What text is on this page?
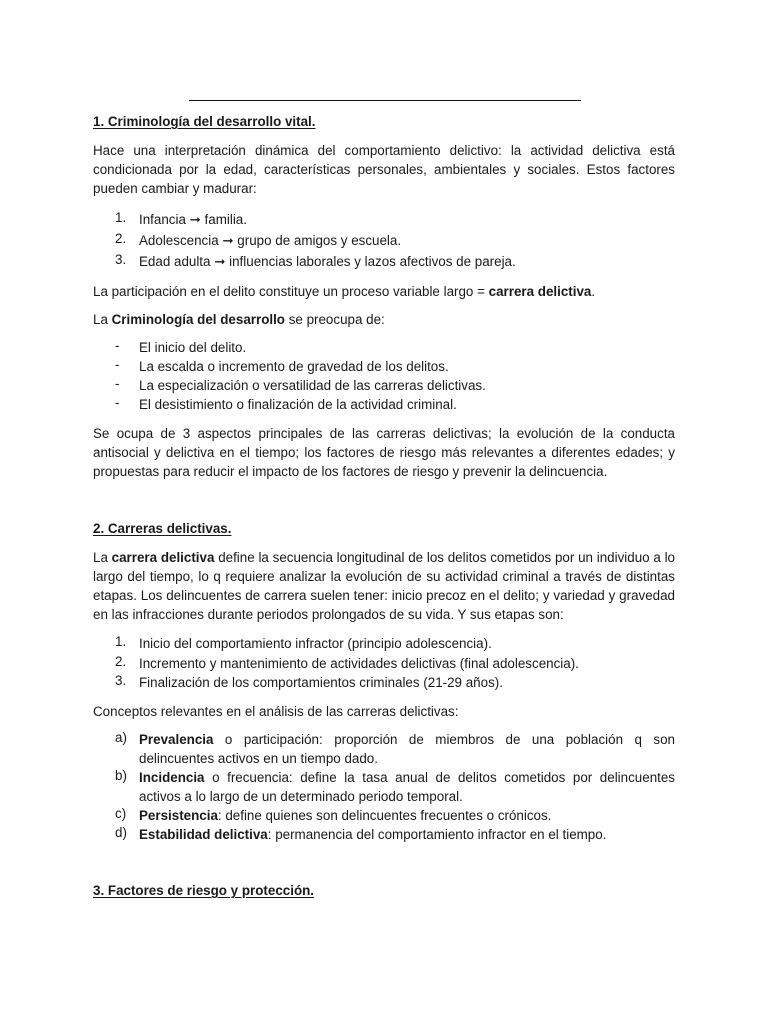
1. Criminología del desarrollo vital.

Hace una interpretación dinámica del comportamiento delictivo: la actividad delictiva está condicionada por la edad, características personales, ambientales y sociales. Estos factores pueden cambiar y madurar:

1. Infancia ➞ familia.
2. Adolescencia ➞ grupo de amigos y escuela.
3. Edad adulta ➞ influencias laborales y lazos afectivos de pareja.

La participación en el delito constituye un proceso variable largo = carrera delictiva.

La Criminología del desarrollo se preocupa de:

- El inicio del delito.
- La escalda o incremento de gravedad de los delitos.
- La especialización o versatilidad de las carreras delictivas.
- El desistimiento o finalización de la actividad criminal.

Se ocupa de 3 aspectos principales de las carreras delictivas; la evolución de la conducta antisocial y delictiva en el tiempo; los factores de riesgo más relevantes a diferentes edades; y propuestas para reducir el impacto de los factores de riesgo y prevenir la delincuencia.

2. Carreras delictivas.

La carrera delictiva define la secuencia longitudinal de los delitos cometidos por un individuo a lo largo del tiempo, lo q requiere analizar la evolución de su actividad criminal a través de distintas etapas. Los delincuentes de carrera suelen tener: inicio precoz en el delito; y variedad y gravedad en las infracciones durante periodos prolongados de su vida. Y sus etapas son:

1. Inicio del comportamiento infractor (principio adolescencia).
2. Incremento y mantenimiento de actividades delictivas (final adolescencia).
3. Finalización de los comportamientos criminales (21-29 años).

Conceptos relevantes en el análisis de las carreras delictivas:

a) Prevalencia o participación: proporción de miembros de una población q son delincuentes activos en un tiempo dado.
b) Incidencia o frecuencia: define la tasa anual de delitos cometidos por delincuentes activos a lo largo de un determinado periodo temporal.
c) Persistencia: define quienes son delincuentes frecuentes o crónicos.
d) Estabilidad delictiva: permanencia del comportamiento infractor en el tiempo.

3. Factores de riesgo y protección.
